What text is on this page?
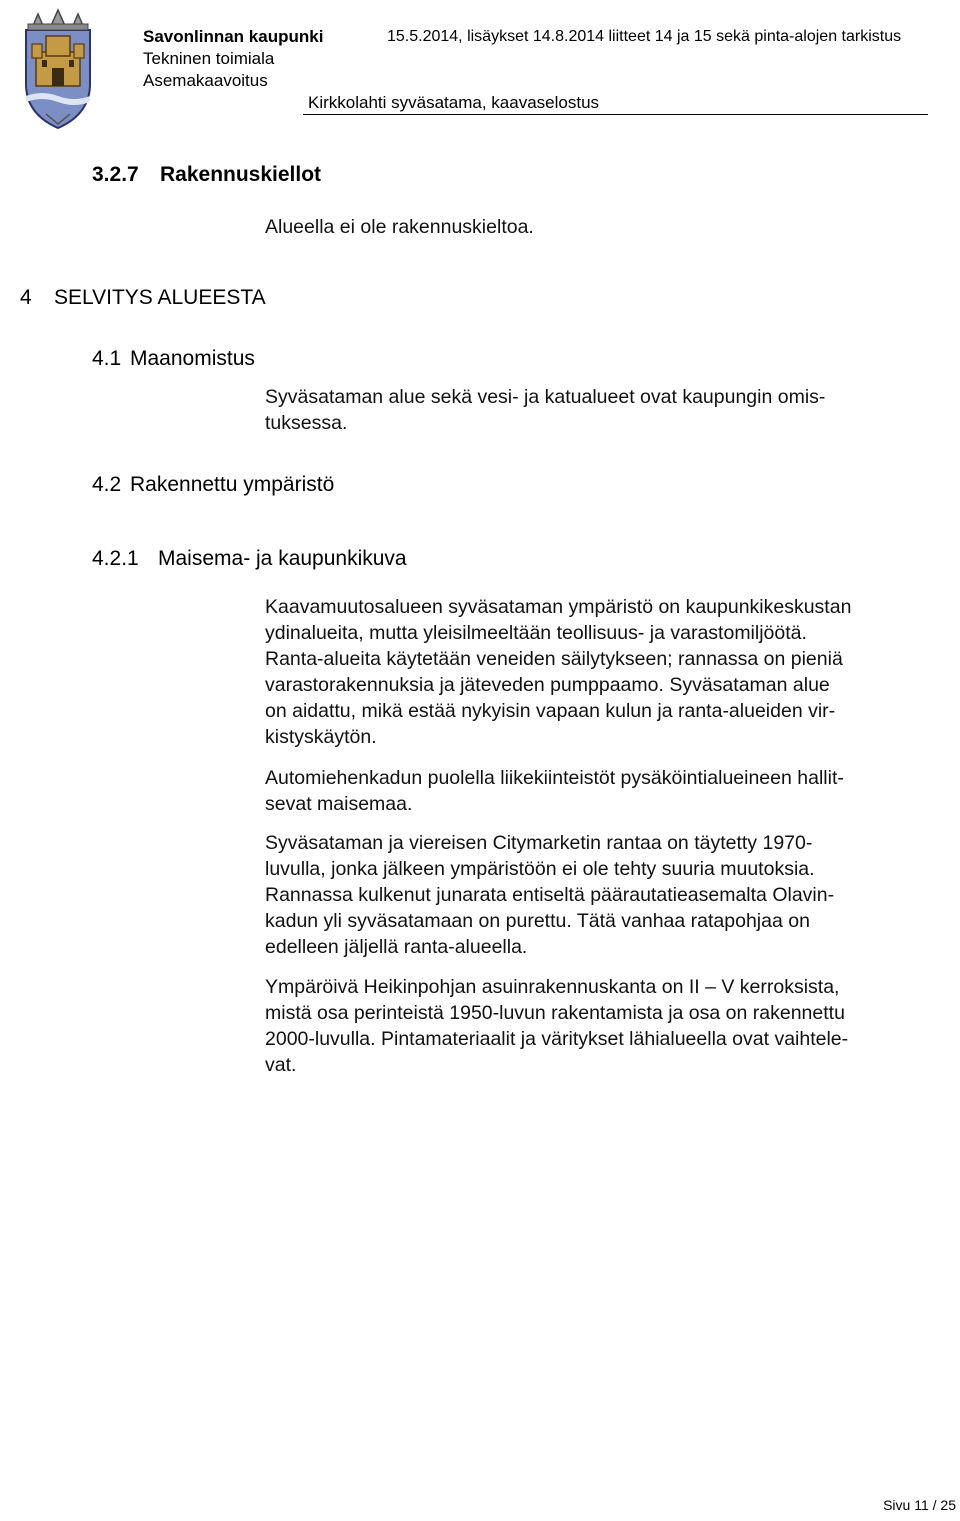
Savonlinnan kaupunki
Tekninen toimiala
Asemakaavoitus
15.5.2014, lisäykset 14.8.2014 liitteet 14 ja 15 sekä pinta-alojen tarkistus
Kirkkolahti syväsatama, kaavaselostus
3.2.7 Rakennuskiellot
Alueella ei ole rakennuskieltoa.
4 SELVITYS ALUEESTA
4.1 Maanomistus
Syväsataman alue sekä vesi- ja katualueet ovat kaupungin omis-
tuksessa.
4.2 Rakennettu ympäristö
4.2.1 Maisema- ja kaupunkikuva
Kaavamuutosalueen syväsataman ympäristö on kaupunkikeskustan
ydinalueita, mutta yleisilmeeltään teollisuus- ja varastomiljöötä.
Ranta-alueita käytetään veneiden säilytykseen; rannassa on pieniä
varastorakennuksia ja jäteveden pumppaamo. Syväsataman alue
on aidattu, mikä estää nykyisin vapaan kulun ja ranta-alueiden vir-
kistyskäytön.
Automiehenkadun puolella liikekiinteistöt pysäköintialueineen hallit-
sevat maisemaa.
Syväsataman ja viereisen Citymarketin rantaa on täytetty 1970-
luvulla, jonka jälkeen ympäristöön ei ole tehty suuria muutoksia.
Rannassa kulkenut junarata entiseltä päärautatieasemalta Olavin-
kadun yli syväsatamaan on purettu. Tätä vanhaa ratapohjaa on
edelleen jäljellä ranta-alueella.
Ympäröivä Heikinpohjan asuinrakennuskanta on II – V kerroksista,
mistä osa perinteistä 1950-luvun rakentamista ja osa on rakennettu
2000-luvulla. Pintamateriaalit ja väritykset lähialueella ovat vaihtele-
vat.
Sivu 11 / 25
